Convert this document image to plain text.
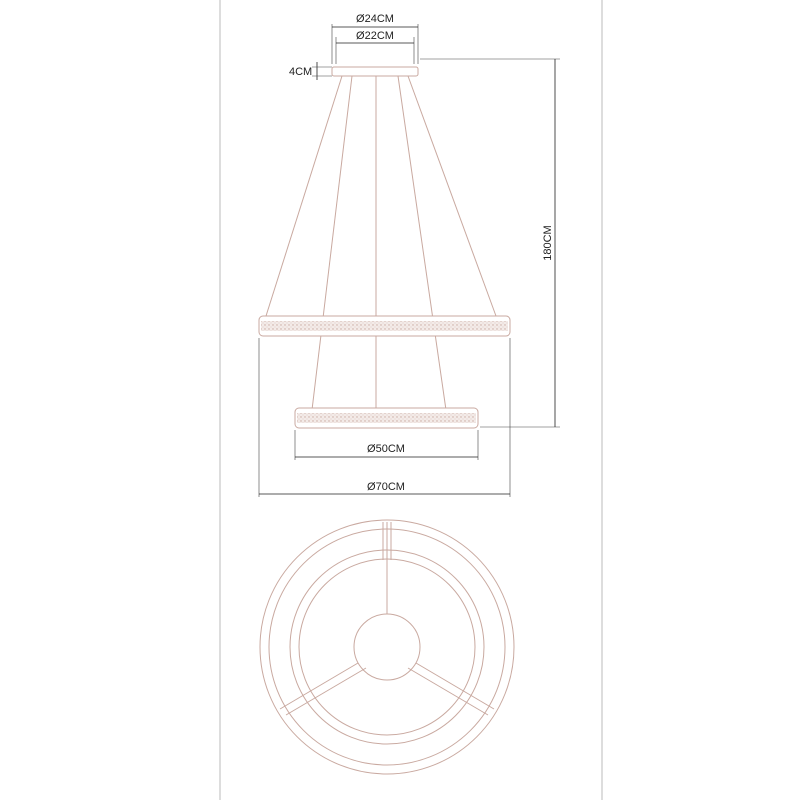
Ø24CM
Ø22CM
4CM
180CM
Ø50CM
Ø70CM
